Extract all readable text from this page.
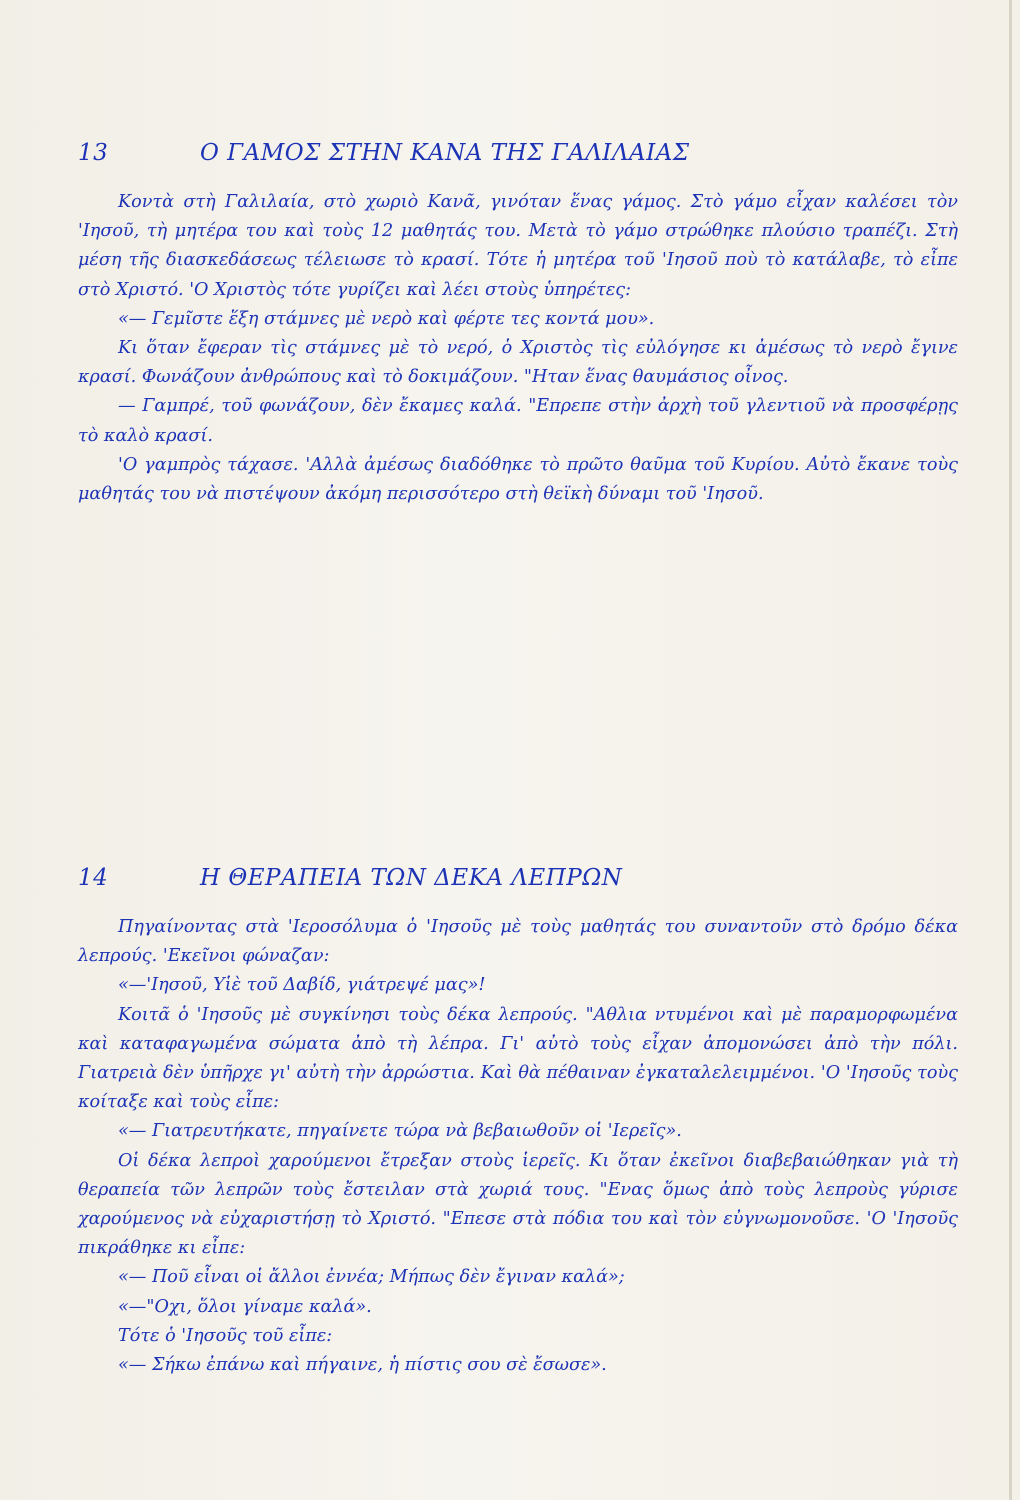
13	Ο ΓΑΜΟΣ ΣΤΗΝ ΚΑΝΑ ΤΗΣ ΓΑΛΙΛΑΙΑΣ

Κοντὰ στὴ Γαλιλαία, στὸ χωριὸ Κανᾶ, γινόταν ἕνας γάμος. Στὸ γάμο εἶχαν καλέσει τὸν 'Ιησοῦ, τὴ μητέρα του καὶ τοὺς 12 μαθητάς του. Μετὰ τὸ γάμο στρώθηκε πλούσιο τραπέζι. Στὴ μέση τῆς διασκεδάσεως τέλειωσε τὸ κρασί. Τότε ἡ μητέρα τοῦ 'Ιησοῦ ποὺ τὸ κατάλαβε, τὸ εἶπε στὸ Χριστό. 'Ο Χριστὸς τότε γυρίζει καὶ λέει στοὺς ὑπηρέτες:

«— Γεμῖστε ἕξη στάμνες μὲ νερὸ καὶ φέρτε τες κοντά μου».

Κι ὅταν ἔφεραν τὶς στάμνες μὲ τὸ νερό, ὁ Χριστὸς τὶς εὐλόγησε κι ἀμέσως τὸ νερὸ ἔγινε κρασί. Φωνάζουν ἀνθρώπους καὶ τὸ δοκιμάζουν. "Ηταν ἕνας θαυμάσιος οἶνος.

— Γαμπρέ, τοῦ φωνάζουν, δὲν ἔκαμες καλά. "Επρεπε στὴν ἀρχὴ τοῦ γλεντιοῦ νὰ προσφέρῃς τὸ καλὸ κρασί.

'Ο γαμπρὸς τάχασε. 'Αλλὰ ἀμέσως διαδόθηκε τὸ πρῶτο θαῦμα τοῦ Κυρίου. Αὐτὸ ἔκανε τοὺς μαθητάς του νὰ πιστέψουν ἀκόμη περισσότερο στὴ θεϊκὴ δύναμι τοῦ 'Ιησοῦ.

14	Η ΘΕΡΑΠΕΙΑ ΤΩΝ ΔΕΚΑ ΛΕΠΡΩΝ

Πηγαίνοντας στὰ 'Ιεροσόλυμα ὁ 'Ιησοῦς μὲ τοὺς μαθητάς του συναντοῦν στὸ δρόμο δέκα λεπρούς. 'Εκεῖνοι φώναζαν:

«—'Ιησοῦ, Υἱὲ τοῦ Δαβίδ, γιάτρεψέ μας»!

Κοιτᾶ ὁ 'Ιησοῦς μὲ συγκίνησι τοὺς δέκα λεπρούς. "Αθλια ντυμένοι καὶ μὲ παραμορφωμένα καὶ καταφαγωμένα σώματα ἀπὸ τὴ λέπρα. Γι' αὐτὸ τοὺς εἶχαν ἀπομονώσει ἀπὸ τὴν πόλι. Γιατρειὰ δὲν ὑπῆρχε γι' αὐτὴ τὴν ἀρρώστια. Καὶ θὰ πέθαιναν ἐγκαταλελειμμένοι. 'Ο 'Ιησοῦς τοὺς κοίταξε καὶ τοὺς εἶπε:

«— Γιατρευτήκατε, πηγαίνετε τώρα νὰ βεβαιωθοῦν οἱ 'Ιερεῖς».

Οἱ δέκα λεπροὶ χαρούμενοι ἔτρεξαν στοὺς ἱερεῖς. Κι ὅταν ἐκεῖνοι διαβεβαιώθηκαν γιὰ τὴ θεραπεία τῶν λεπρῶν τοὺς ἔστειλαν στὰ χωριά τους. "Ενας ὅμως ἀπὸ τοὺς λεπροὺς γύρισε χαρούμενος νὰ εὐχαριστήσῃ τὸ Χριστό. "Επεσε στὰ πόδια του καὶ τὸν εὐγνωμονοῦσε. 'Ο 'Ιησοῦς πικράθηκε κι εἶπε:

«— Ποῦ εἶναι οἱ ἄλλοι ἐννέα; Μήπως δὲν ἔγιναν καλά»;

«—"Οχι, ὅλοι γίναμε καλά».

Τότε ὁ 'Ιησοῦς τοῦ εἶπε:

«— Σήκω ἐπάνω καὶ πήγαινε, ἡ πίστις σου σὲ ἔσωσε».
